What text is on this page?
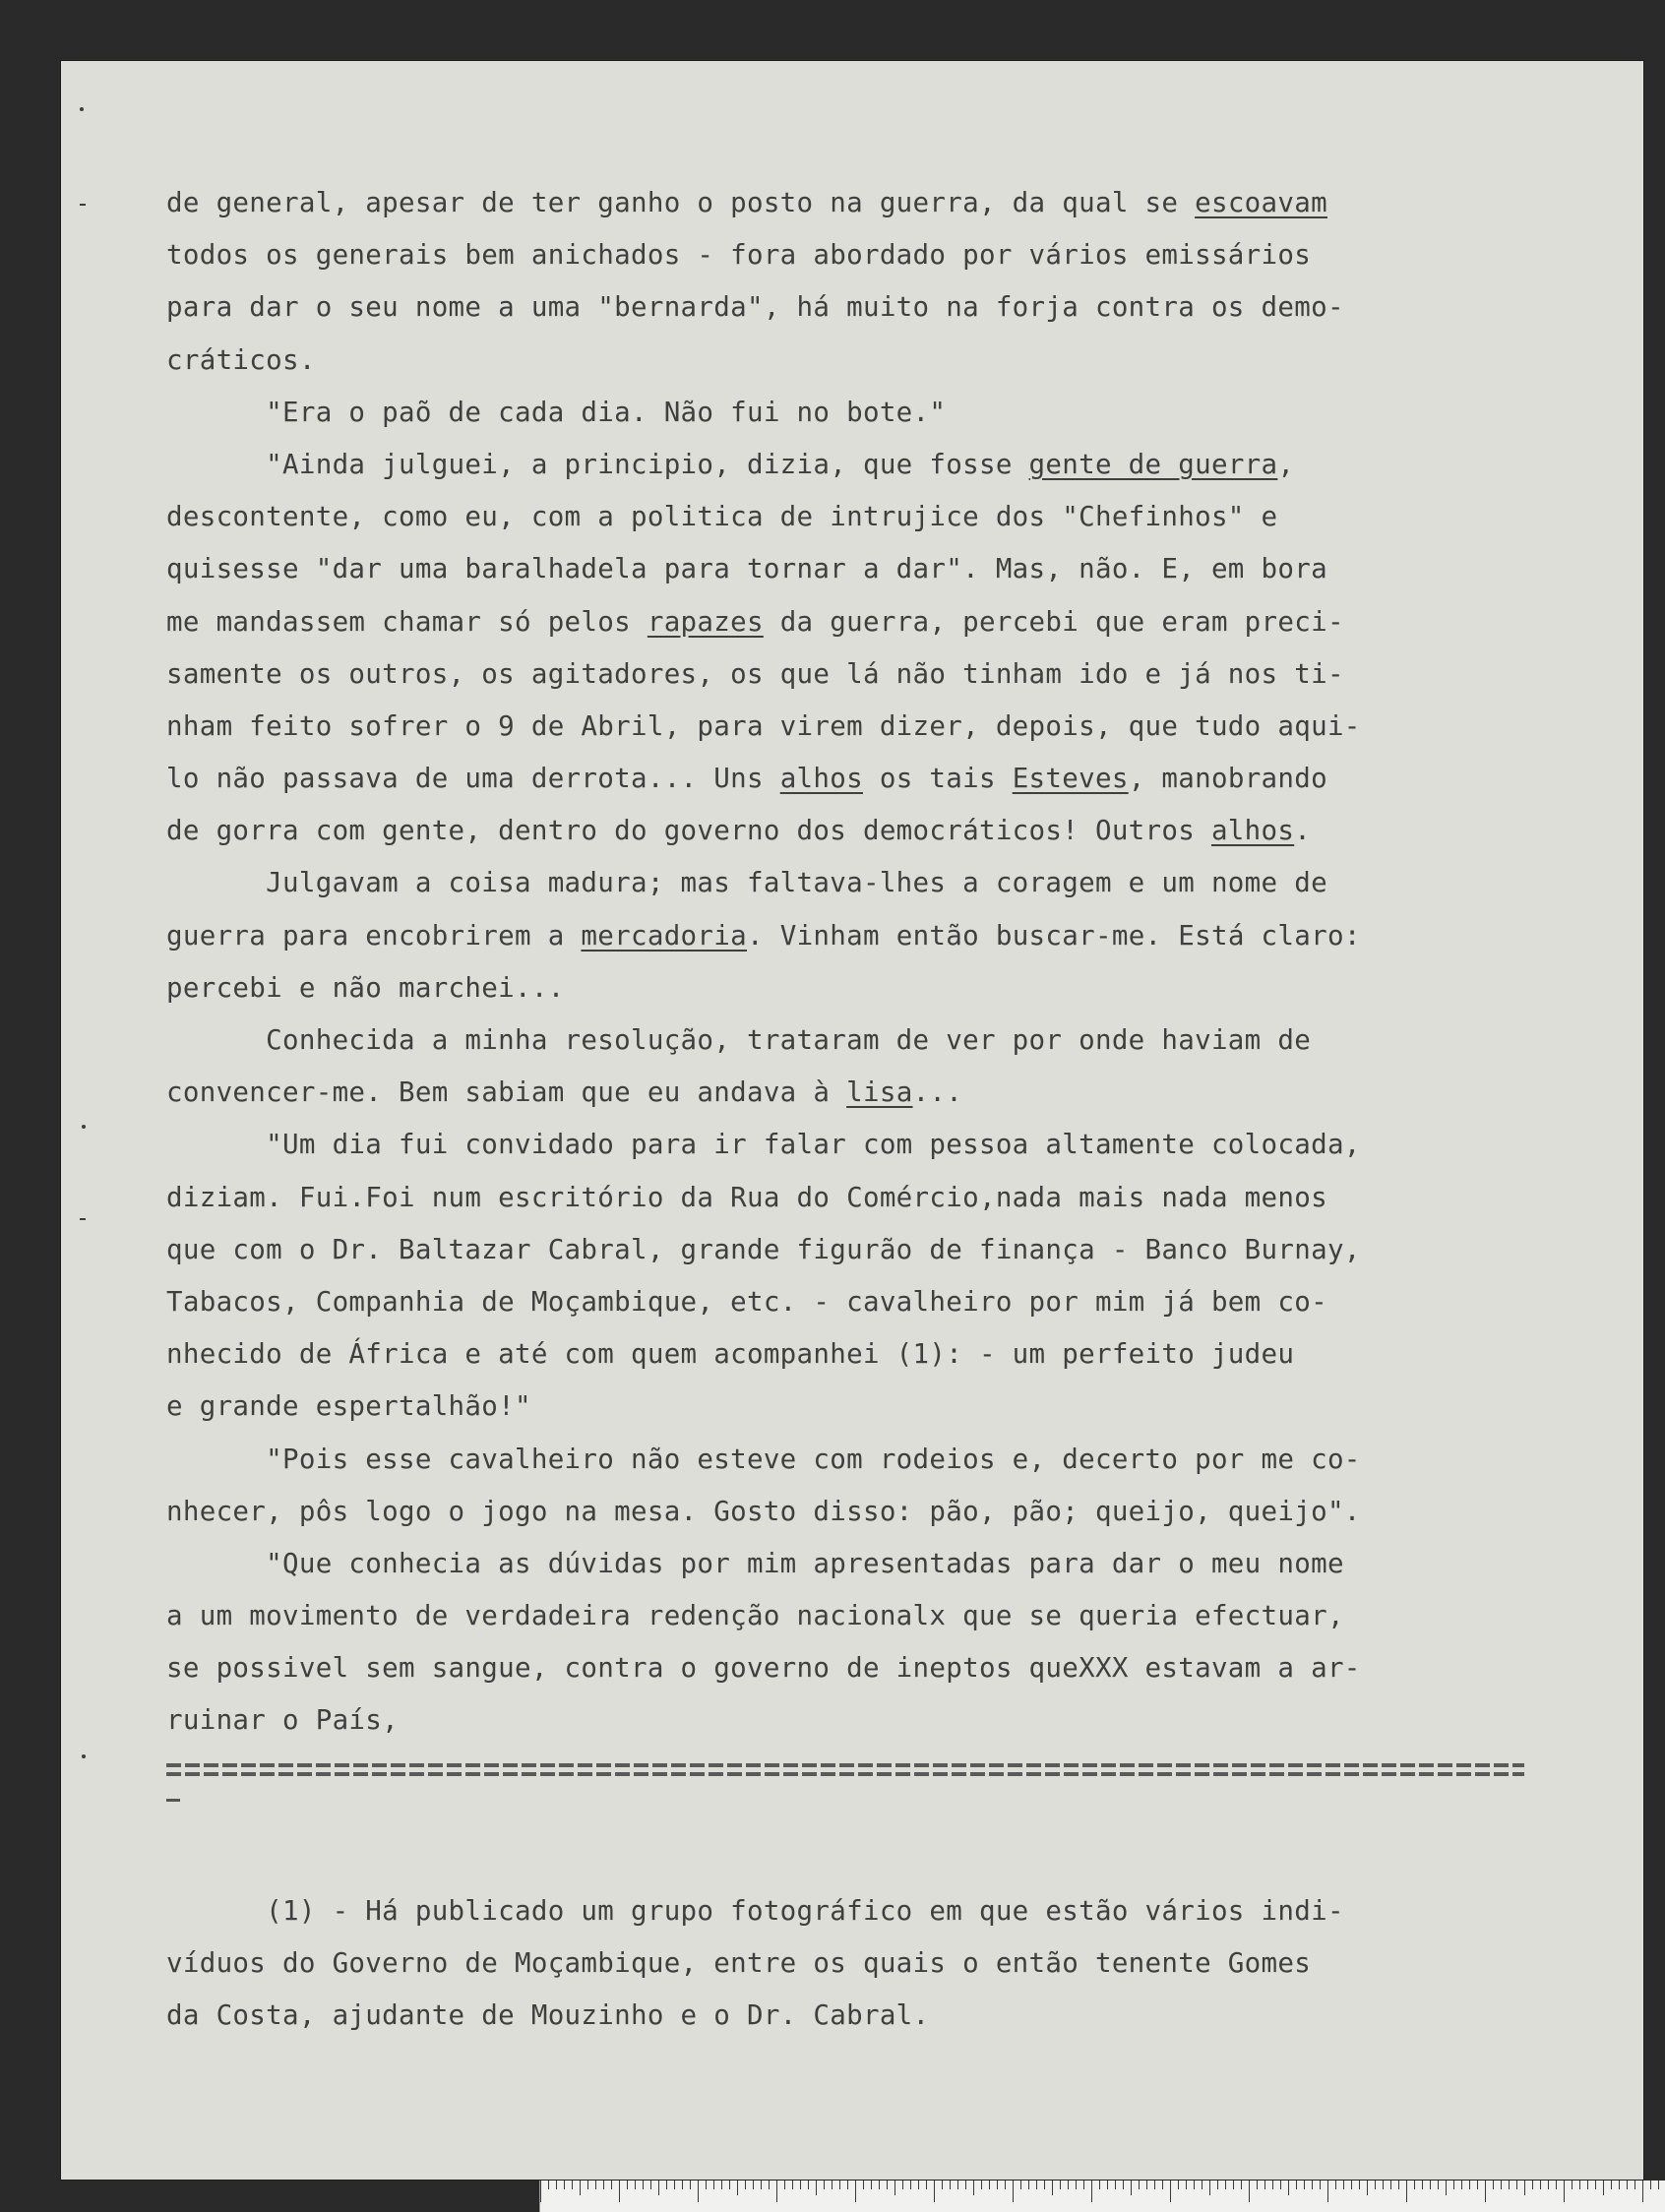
de general, apesar de ter ganho o posto na guerra, da qual se escoavam
todos os generais bem anichados - fora abordado por vários emissários
para dar o seu nome a uma "bernarda", há muito na forja contra os demo-
cráticos.
"Era o paõ de cada dia. Não fui no bote."
"Ainda julguei, a principio, dizia, que fosse gente de guerra,
descontente, como eu, com a politica de intrujice dos "Chefinhos" e
quisesse "dar uma baralhadela para tornar a dar". Mas, não. E, em bora
me mandassem chamar só pelos rapazes da guerra, percebi que eram preci-
samente os outros, os agitadores, os que lá não tinham ido e já nos ti-
nham feito sofrer o 9 de Abril, para virem dizer, depois, que tudo aqui-
lo não passava de uma derrota... Uns alhos os tais Esteves, manobrando
de gorra com gente, dentro do governo dos democráticos! Outros alhos.
Julgavam a coisa madura; mas faltava-lhes a coragem e um nome de
guerra para encobrirem a mercadoria. Vinham então buscar-me. Está claro:
percebi e não marchei...
Conhecida a minha resolução, trataram de ver por onde haviam de
convencer-me. Bem sabiam que eu andava à lisa...
"Um dia fui convidado para ir falar com pessoa altamente colocada,
diziam. Fui.Foi num escritório da Rua do Comércio,nada mais nada menos
que com o Dr. Baltazar Cabral, grande figurão de finança - Banco Burnay,
Tabacos, Companhia de Moçambique, etc. - cavalheiro por mim já bem co-
nhecido de África e até com quem acompanhei (1): - um perfeito judeu
e grande espertalhão!"
"Pois esse cavalheiro não esteve com rodeios e, decerto por me co-
nhecer, pôs logo o jogo na mesa. Gosto disso: pão, pão; queijo, queijo".
"Que conhecia as dúvidas por mim apresentadas para dar o meu nome
a um movimento de verdadeira redenção nacionalx que se queria efectuar,
se possivel sem sangue, contra o governo de ineptos queXXX estavam a ar-
ruinar o País,
(1) - Há publicado um grupo fotográfico em que estão vários indi-
víduos do Governo de Moçambique, entre os quais o então tenente Gomes
da Costa, ajudante de Mouzinho e o Dr. Cabral.
